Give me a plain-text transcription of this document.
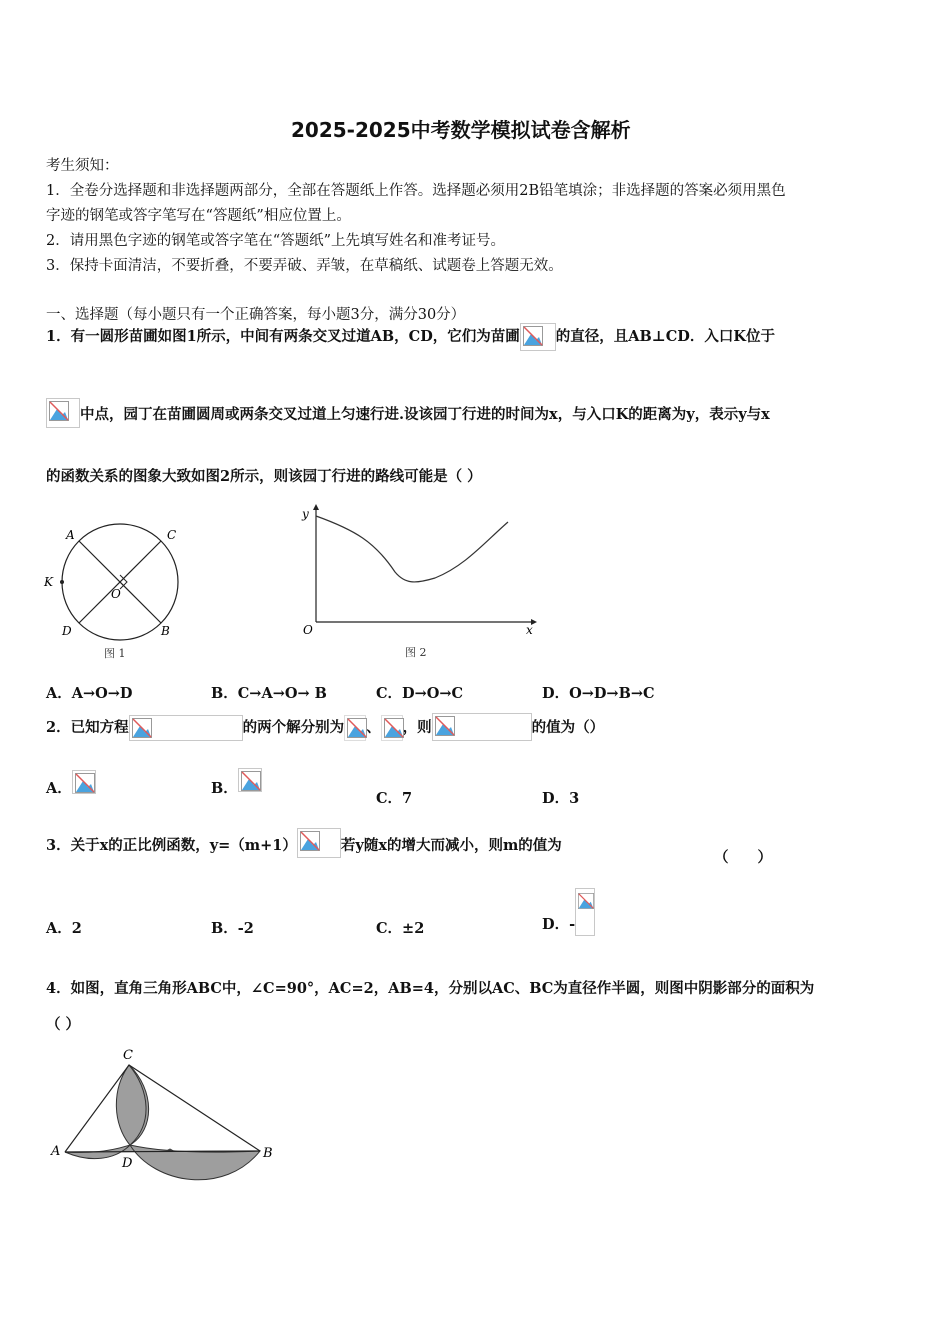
2025-2025中考数学模拟试卷含解析
考生须知：
1．全卷分选择题和非选择题两部分，全部在答题纸上作答。选择题必须用2B铅笔填涂；非选择题的答案必须用黑色
字迹的钢笔或答字笔写在“答题纸”相应位置上。
2．请用黑色字迹的钢笔或答字笔在“答题纸”上先填写姓名和准考证号。
3．保持卡面清洁，不要折叠，不要弄破、弄皱，在草稿纸、试题卷上答题无效。
一、选择题（每小题只有一个正确答案，每小题3分，满分30分）
1．有一圆形苗圃如图1所示，中间有两条交叉过道AB，CD，它们为苗圃 的直径，且AB⊥CD．入口K位于
中点，园丁在苗圃圆周或两条交叉过道上匀速行进.设该园丁行进的时间为x，与入口K的距离为y，表示y与x
的函数关系的图象大致如图2所示，则该园丁行进的路线可能是（ ）
A	C
K
O
D	B
图 1
y
O	x
图 2
A．A→O→D	B．C→A→O→ B	C．D→O→C	D．O→D→B→C
2．已知方程	的两个解分别为 、 ，则	的值为（）
A．	B．
C．7	D．3
3．关于x的正比例函数，y=（m+1）	若y随x的增大而减小，则m的值为
（　　）
A．2	B．-2	C．±2	D．-
4．如图，直角三角形ABC中，∠C=90°，AC=2，AB=4，分别以AC、BC为直径作半圆，则图中阴影部分的面积为
（ ）
C
A
D
B
